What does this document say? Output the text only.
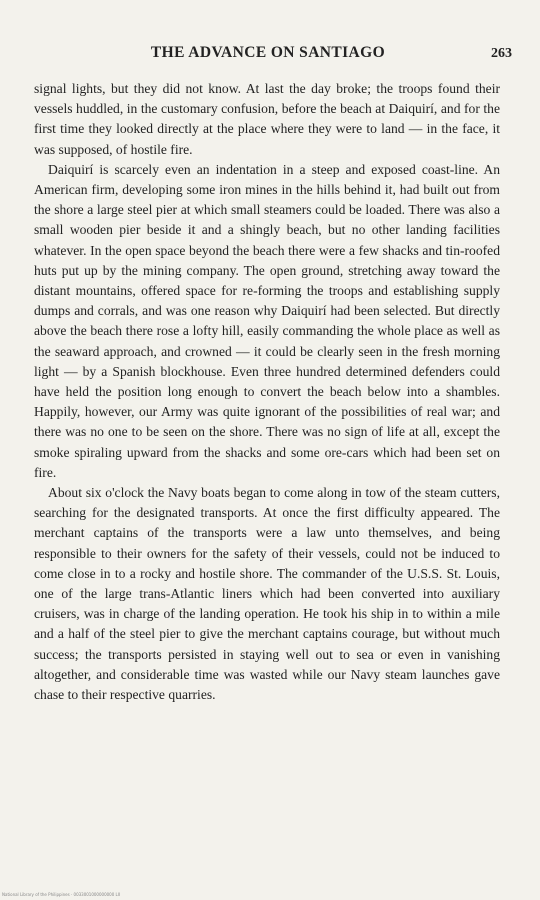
THE ADVANCE ON SANTIAGO	263

signal lights, but they did not know. At last the day broke; the troops found their vessels huddled, in the customary confusion, before the beach at Daiquirí, and for the first time they looked directly at the place where they were to land — in the face, it was supposed, of hostile fire.

Daiquirí is scarcely even an indentation in a steep and exposed coast-line. An American firm, developing some iron mines in the hills behind it, had built out from the shore a large steel pier at which small steamers could be loaded. There was also a small wooden pier beside it and a shingly beach, but no other landing facilities whatever. In the open space beyond the beach there were a few shacks and tin-roofed huts put up by the mining company. The open ground, stretching away toward the distant mountains, offered space for re-forming the troops and establishing supply dumps and corrals, and was one reason why Daiquirí had been selected. But directly above the beach there rose a lofty hill, easily commanding the whole place as well as the seaward approach, and crowned — it could be clearly seen in the fresh morning light — by a Spanish blockhouse. Even three hundred determined defenders could have held the position long enough to convert the beach below into a shambles. Happily, however, our Army was quite ignorant of the possibilities of real war; and there was no one to be seen on the shore. There was no sign of life at all, except the smoke spiraling upward from the shacks and some ore-cars which had been set on fire.

About six o'clock the Navy boats began to come along in tow of the steam cutters, searching for the designated transports. At once the first difficulty appeared. The merchant captains of the transports were a law unto themselves, and being responsible to their owners for the safety of their vessels, could not be induced to come close in to a rocky and hostile shore. The commander of the U.S.S. St. Louis, one of the large trans-Atlantic liners which had been converted into auxiliary cruisers, was in charge of the landing operation. He took his ship in to within a mile and a half of the steel pier to give the merchant captains courage, but without much success; the transports persisted in staying well out to sea or even in vanishing altogether, and considerable time was wasted while our Navy steam launches gave chase to their respective quarries.

National Library of the Philippines · 0033001000000000 LII
